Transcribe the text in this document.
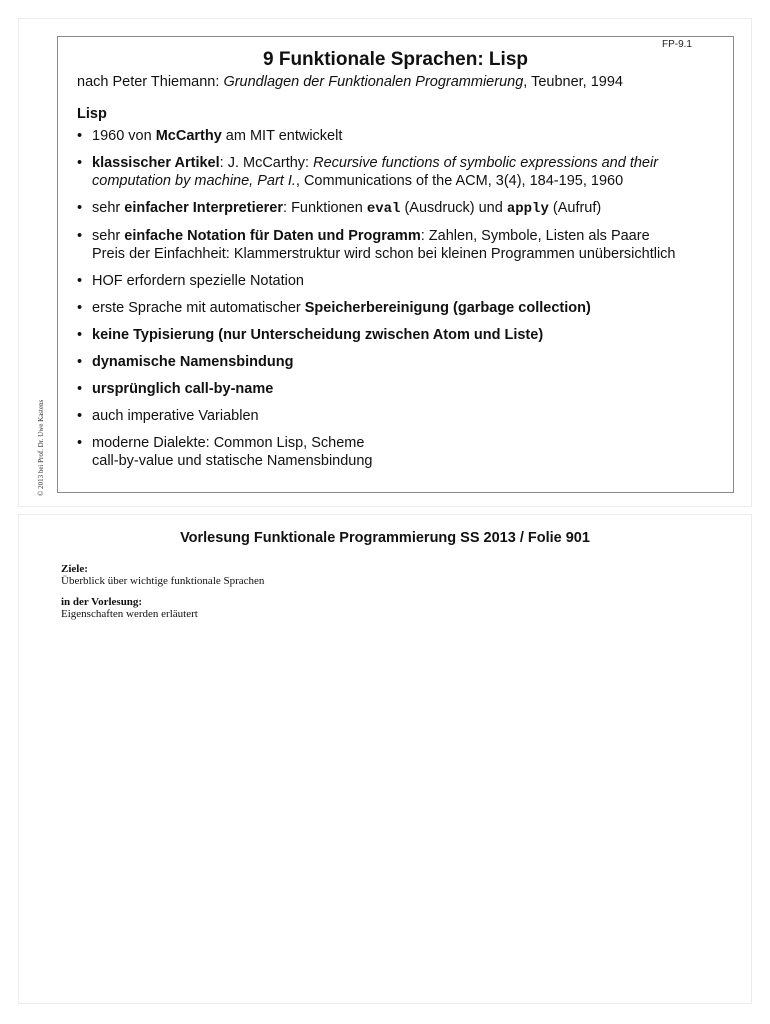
Vorlesung Funktionale Programmierung SS 2013 / Folie 901
Ziele:
Überblick über wichtige funktionale Sprachen
in der Vorlesung:
Eigenschaften werden erläutert
FP-9.1
9 Funktionale Sprachen: Lisp
nach Peter Thiemann: Grundlagen der Funktionalen Programmierung, Teubner, 1994
Lisp
• 1960 von McCarthy am MIT entwickelt
• klassischer Artikel: J. McCarthy: Recursive functions of symbolic expressions and their computation by machine, Part I., Communications of the ACM, 3(4), 184-195, 1960
• sehr einfacher Interpretierer: Funktionen eval (Ausdruck) und apply (Aufruf)
• sehr einfache Notation für Daten und Programm: Zahlen, Symbole, Listen als Paare
Preis der Einfachheit: Klammerstruktur wird schon bei kleinen Programmen unübersichtlich
• HOF erfordern spezielle Notation
• erste Sprache mit automatischer Speicherbereinigung (garbage collection)
• keine Typisierung (nur Unterscheidung zwischen Atom und Liste)
• dynamische Namensbindung
• ursprünglich call-by-name
• auch imperative Variablen
• moderne Dialekte: Common Lisp, Scheme
call-by-value und statische Namensbindung
© 2013 bei Prof. Dr. Uwe Kastens
